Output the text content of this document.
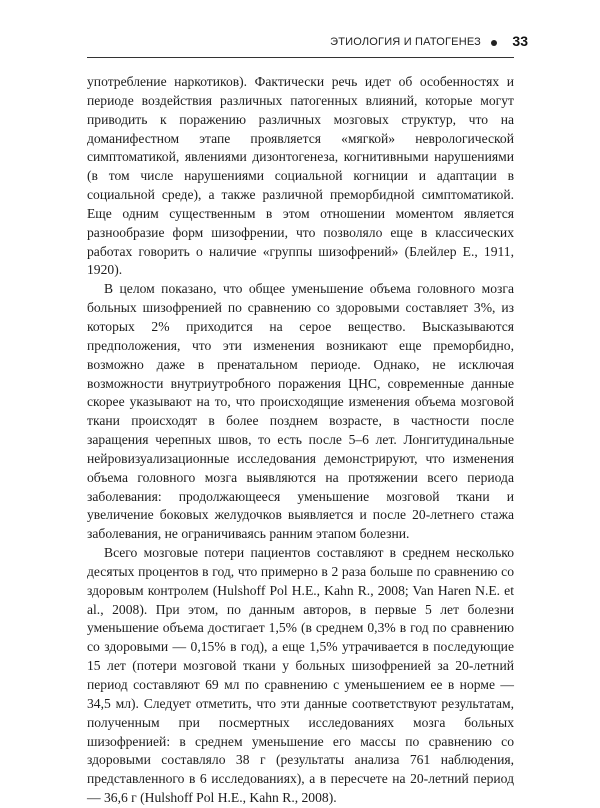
ЭТИОЛОГИЯ И ПАТОГЕНЕЗ 33

употребление наркотиков). Фактически речь идет об особенностях и периоде воздействия различных патогенных влияний, которые могут приводить к поражению различных мозговых структур, что на доманифестном этапе проявляется «мягкой» неврологической симптоматикой, явлениями дизонтогенеза, когнитивными нарушениями (в том числе нарушениями социальной когниции и адаптации в социальной среде), а также различной преморбидной симптоматикой. Еще одним существенным в этом отношении моментом является разнообразие форм шизофрении, что позволяло еще в классических работах говорить о наличие «группы шизофрений» (Блейлер Е., 1911, 1920).

В целом показано, что общее уменьшение объема головного мозга больных шизофренией по сравнению со здоровыми составляет 3%, из которых 2% приходится на серое вещество. Высказываются предположения, что эти изменения возникают еще преморбидно, возможно даже в пренатальном периоде. Однако, не исключая возможности внутриутробного поражения ЦНС, современные данные скорее указывают на то, что происходящие изменения объема мозговой ткани происходят в более позднем возрасте, в частности после заращения черепных швов, то есть после 5–6 лет. Лонгитудинальные нейровизуализационные исследования демонстрируют, что изменения объема головного мозга выявляются на протяжении всего периода заболевания: продолжающееся уменьшение мозговой ткани и увеличение боковых желудочков выявляется и после 20-летнего стажа заболевания, не ограничиваясь ранним этапом болезни.

Всего мозговые потери пациентов составляют в среднем несколько десятых процентов в год, что примерно в 2 раза больше по сравнению со здоровым контролем (Hulshoff Pol H.E., Kahn R., 2008; Van Haren N.E. et al., 2008). При этом, по данным авторов, в первые 5 лет болезни уменьшение объема достигает 1,5% (в среднем 0,3% в год по сравнению со здоровыми — 0,15% в год), а еще 1,5% утрачивается в последующие 15 лет (потери мозговой ткани у больных шизофренией за 20-летний период составляют 69 мл по сравнению с уменьшением ее в норме — 34,5 мл). Следует отметить, что эти данные соответствуют результатам, полученным при посмертных исследованиях мозга больных шизофренией: в среднем уменьшение его массы по сравнению со здоровыми составляло 38 г (результаты анализа 761 наблюдения, представленного в 6 исследованиях), а в пересчете на 20-летний период — 36,6 г (Hulshoff Pol H.E., Kahn R., 2008).
